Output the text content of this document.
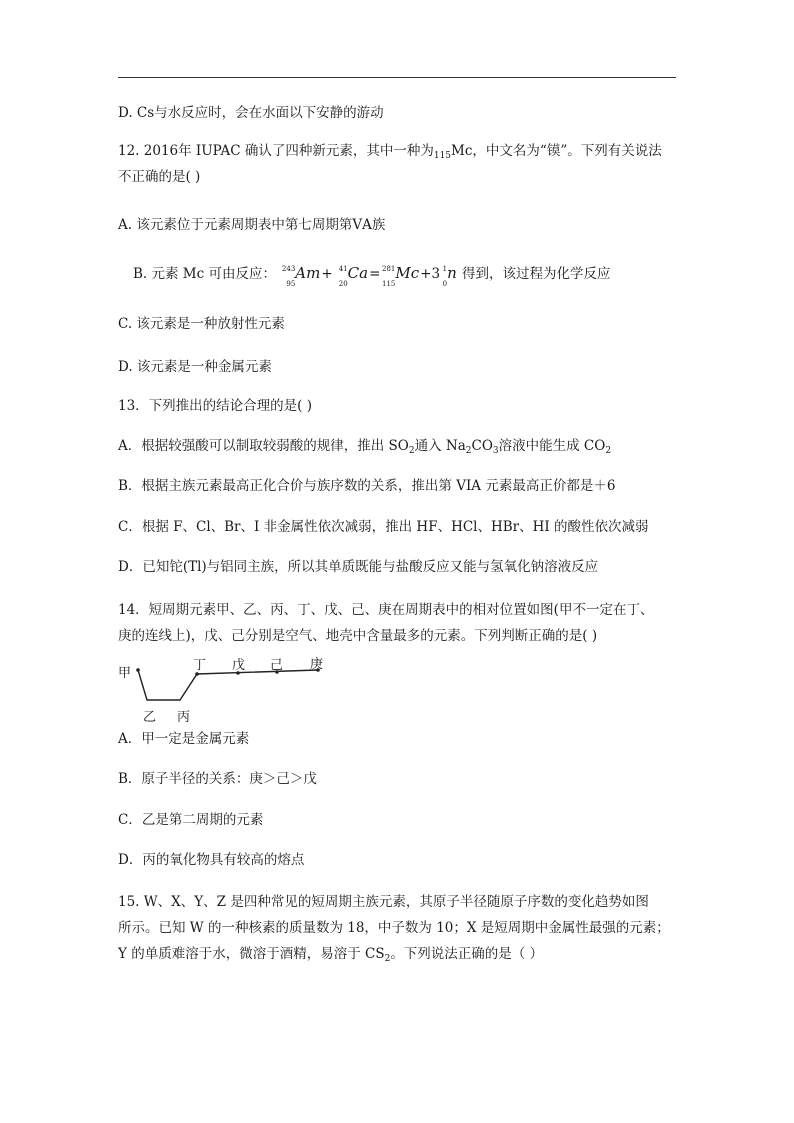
D. Cs与水反应时，会在水面以下安静的游动
12. 2016年 IUPAC 确认了四种新元素，其中一种为$_{115}$Mc，中文名为“镆”。下列有关说法
不正确的是( )
A. 该元素位于元素周期表中第七周期第ⅤA族
B. 元素 Mc 可由反应： 243
95
Am+ 41
20
Ca= 281
115
Mc+3 1
0
n 得到，该过程为化学反应
C. 该元素是一种放射性元素
D. 该元素是一种金属元素
13．下列推出的结论合理的是( )
A．根据较强酸可以制取较弱酸的规律，推出 $SO_2$通入 $Na_2CO_3$溶液中能生成 $CO_2$
B．根据主族元素最高正化合价与族序数的关系，推出第 VIA 元素最高正价都是＋6
C．根据 F、Cl、Br、I 非金属性依次减弱，推出 HF、HCl、HBr、HI 的酸性依次减弱
D．已知铊(Tl)与铝同主族，所以其单质既能与盐酸反应又能与氢氧化钠溶液反应
14．短周期元素甲、乙、丙、丁、戊、己、庚在周期表中的相对位置如图(甲不一定在丁、
庚的连线上)，戊、己分别是空气、地壳中含量最多的元素。下列判断正确的是( )
甲
乙 丙
丁 戊 己 庚
A．甲一定是金属元素
B．原子半径的关系：庚＞己＞戊
C．乙是第二周期的元素
D．丙的氧化物具有较高的熔点
15. W、X、Y、Z 是四种常见的短周期主族元素，其原子半径随原子序数的变化趋势如图
所示。已知 W 的一种核素的质量数为 18，中子数为 10；X 是短周期中金属性最强的元素；
Y 的单质难溶于水，微溶于酒精，易溶于 $CS_2$。下列说法正确的是（ ）
